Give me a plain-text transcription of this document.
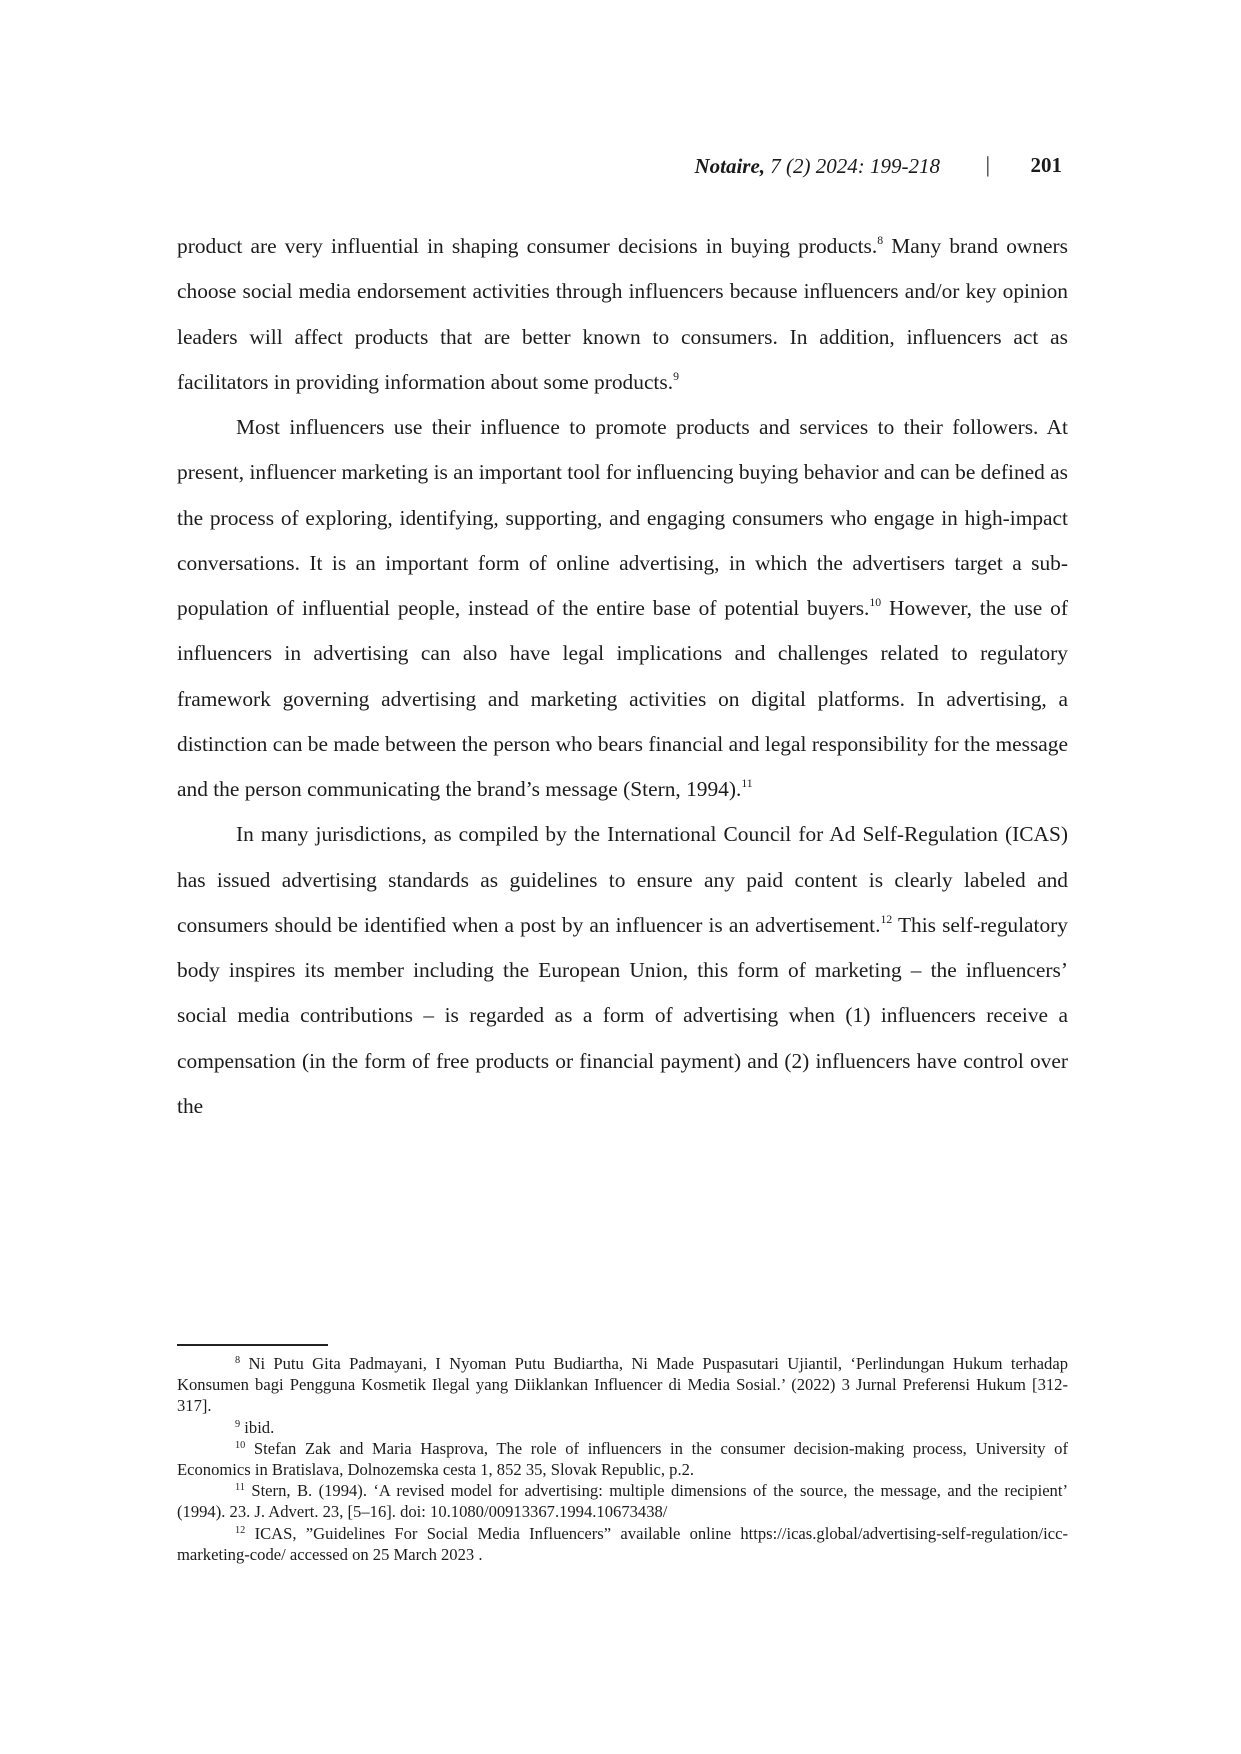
Notaire, 7 (2) 2024: 199-218 | 201

product are very influential in shaping consumer decisions in buying products.$^8$ Many brand owners choose social media endorsement activities through influencers because influencers and/or key opinion leaders will affect products that are better known to consumers. In addition, influencers act as facilitators in providing information about some products.$^9$

Most influencers use their influence to promote products and services to their followers. At present, influencer marketing is an important tool for influencing buying behavior and can be defined as the process of exploring, identifying, supporting, and engaging consumers who engage in high-impact conversations. It is an important form of online advertising, in which the advertisers target a sub-population of influential people, instead of the entire base of potential buyers.$^{10}$ However, the use of influencers in advertising can also have legal implications and challenges related to regulatory framework governing advertising and marketing activities on digital platforms. In advertising, a distinction can be made between the person who bears financial and legal responsibility for the message and the person communicating the brand’s message (Stern, 1994).$^{11}$

In many jurisdictions, as compiled by the International Council for Ad Self-Regulation (ICAS) has issued advertising standards as guidelines to ensure any paid content is clearly labeled and consumers should be identified when a post by an influencer is an advertisement.$^{12}$ This self-regulatory body inspires its member including the European Union, this form of marketing – the influencers’ social media contributions – is regarded as a form of advertising when (1) influencers receive a compensation (in the form of free products or financial payment) and (2) influencers have control over the

$^8$ Ni Putu Gita Padmayani, I Nyoman Putu Budiartha, Ni Made Puspasutari Ujiantil, ‘Perlindungan Hukum terhadap Konsumen bagi Pengguna Kosmetik Ilegal yang Diiklankan Influencer di Media Sosial.’ (2022) 3 Jurnal Preferensi Hukum [312-317].

$^9$ ibid.

$^{10}$ Stefan Zak and Maria Hasprova, The role of influencers in the consumer decision-making process, University of Economics in Bratislava, Dolnozemska cesta 1, 852 35, Slovak Republic, p.2.

$^{11}$ Stern, B. (1994). ‘A revised model for advertising: multiple dimensions of the source, the message, and the recipient’ (1994). 23. J. Advert. 23, [5–16]. doi: 10.1080/00913367.1994.10673438/

$^{12}$ ICAS, ”Guidelines For Social Media Influencers” available online https://icas.global/advertising-self-regulation/icc-marketing-code/ accessed on 25 March 2023 .
